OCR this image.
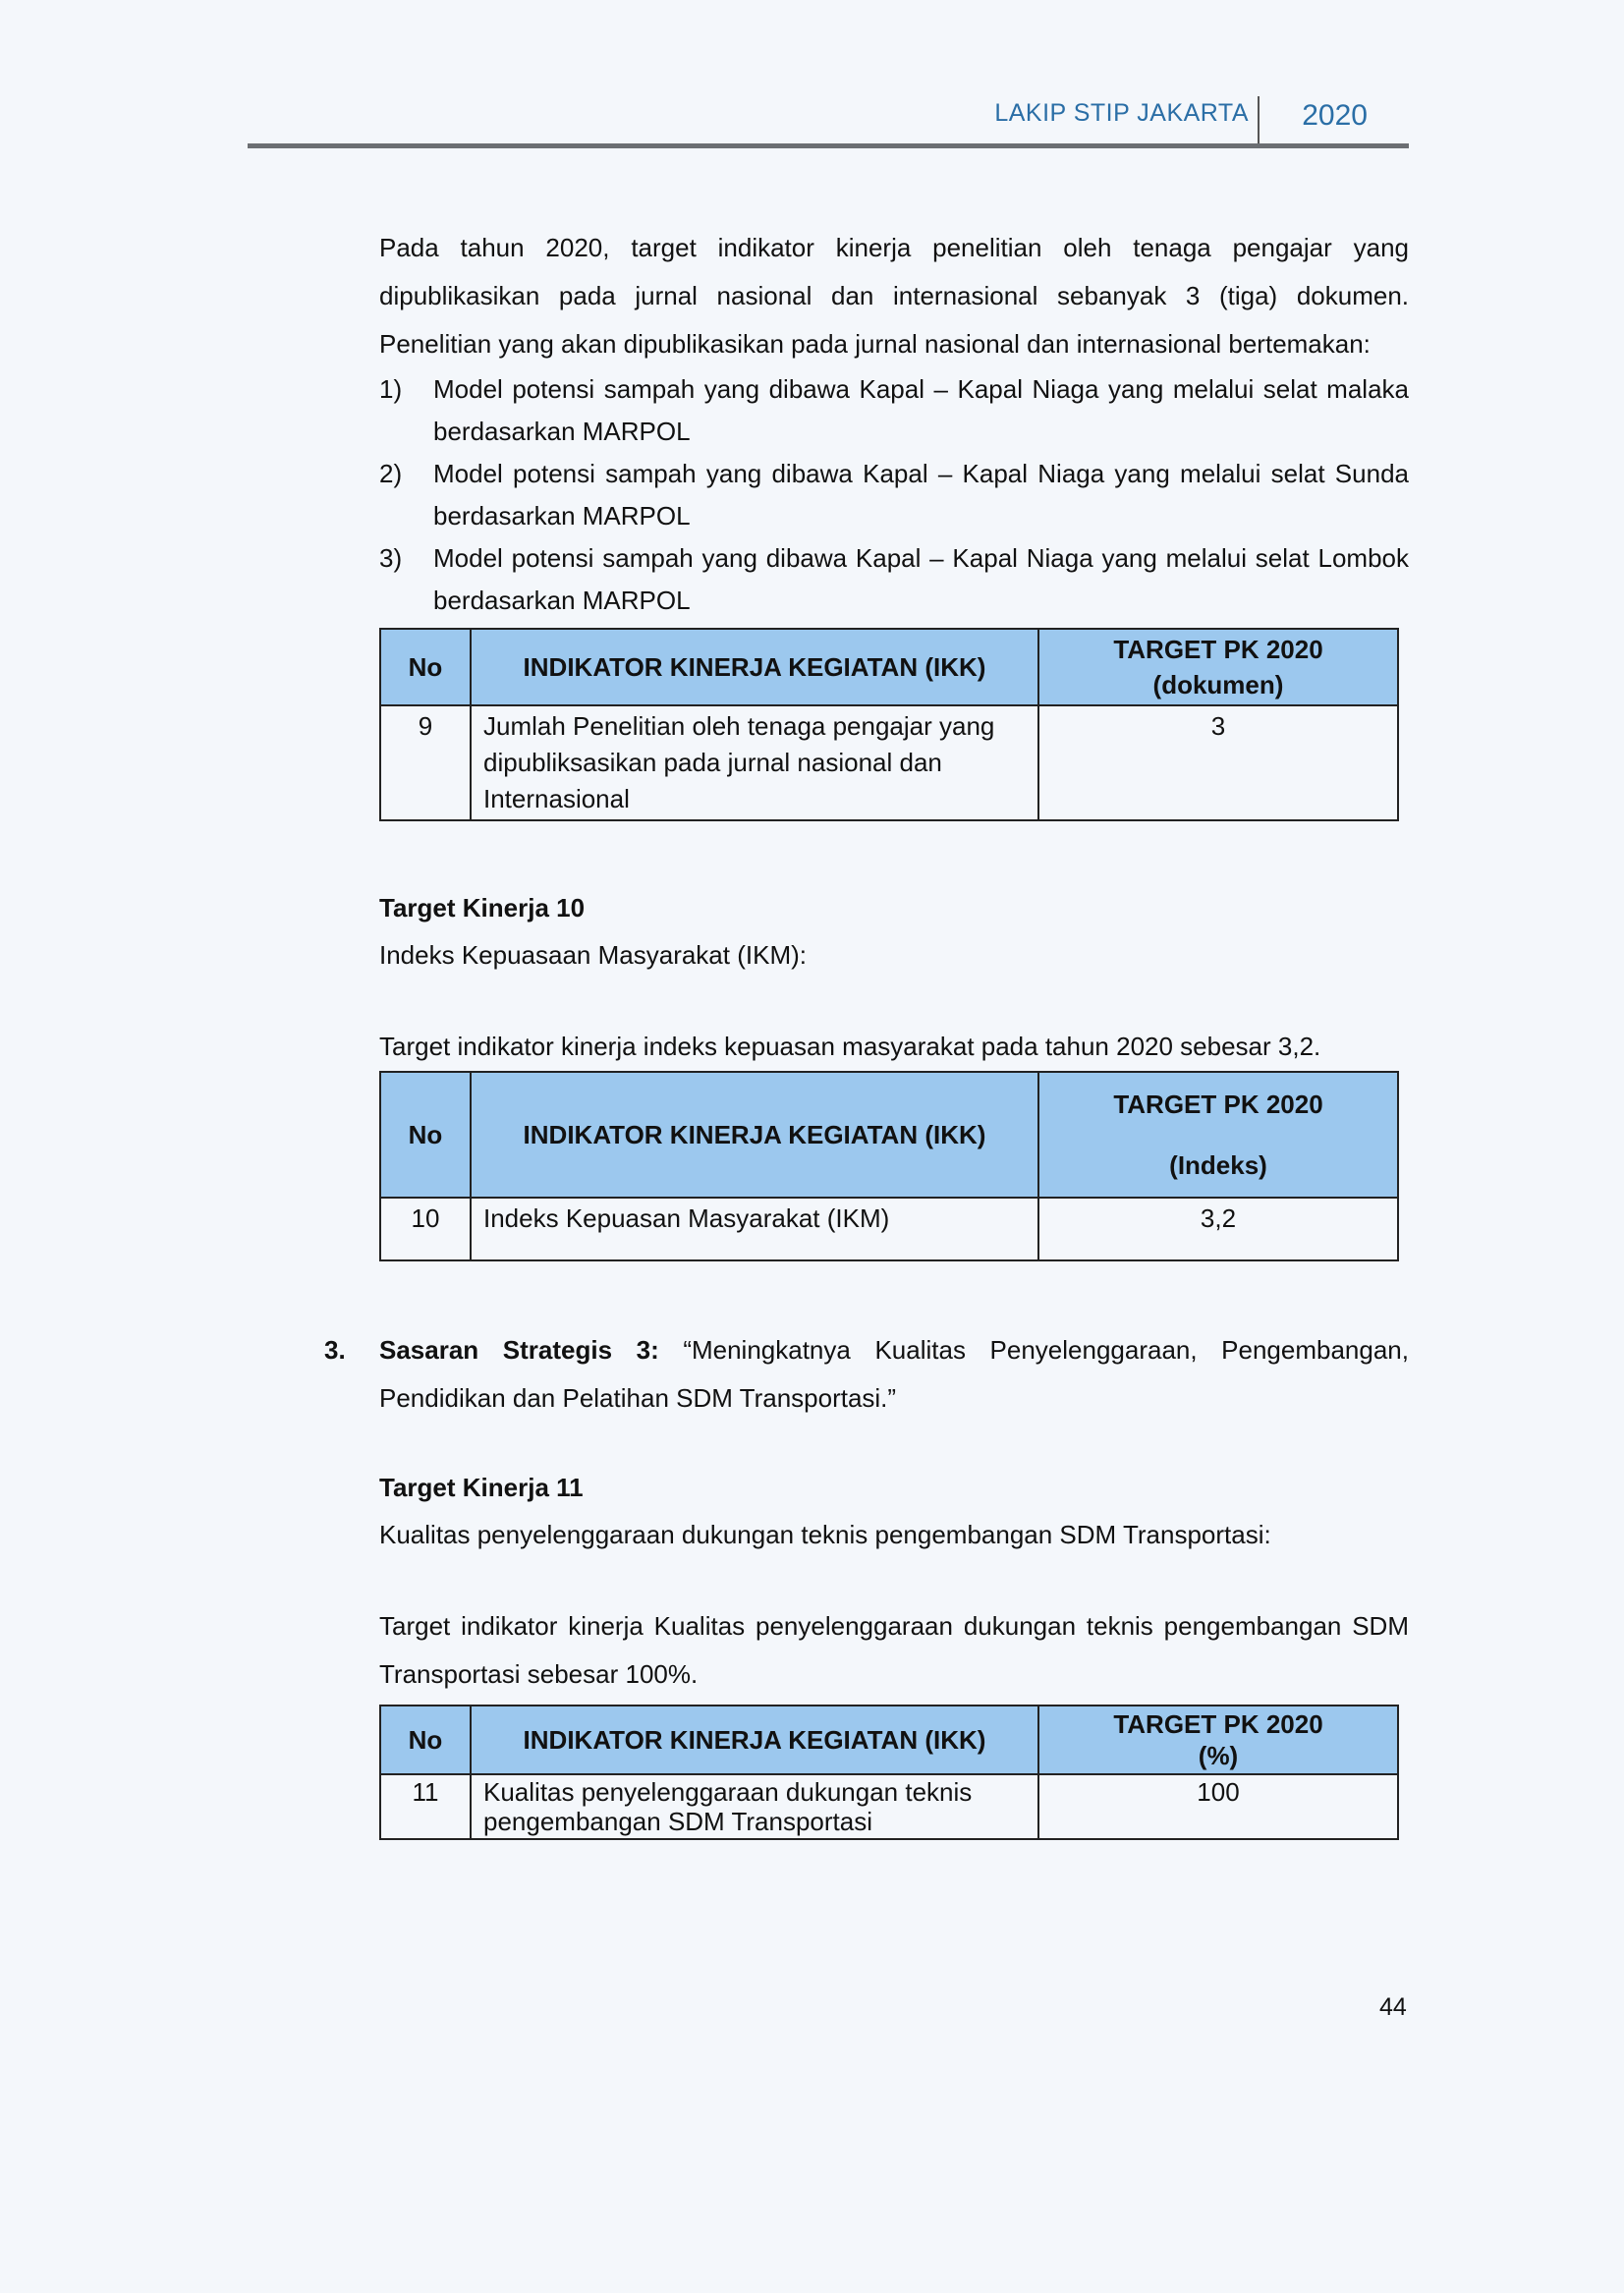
LAKIP STIP JAKARTA 2020

Pada tahun 2020, target indikator kinerja penelitian oleh tenaga pengajar yang dipublikasikan pada jurnal nasional dan internasional sebanyak 3 (tiga) dokumen. Penelitian yang akan dipublikasikan pada jurnal nasional dan internasional bertemakan:

1) Model potensi sampah yang dibawa Kapal – Kapal Niaga yang melalui selat malaka berdasarkan MARPOL
2) Model potensi sampah yang dibawa Kapal – Kapal Niaga yang melalui selat Sunda berdasarkan MARPOL
3) Model potensi sampah yang dibawa Kapal – Kapal Niaga yang melalui selat Lombok berdasarkan MARPOL
No	INDIKATOR KINERJA KEGIATAN (IKK)	TARGET PK 2020
(dokumen)

9	Jumlah Penelitian oleh tenaga pengajar yang dipubliksasikan pada jurnal nasional dan Internasional	3

Target Kinerja 10

Indeks Kepuasaan Masyarakat (IKM):

Target indikator kinerja indeks kepuasan masyarakat pada tahun 2020 sebesar 3,2.

No	INDIKATOR KINERJA KEGIATAN (IKK)	TARGET PK 2020
(Indeks)

10	Indeks Kepuasan Masyarakat (IKM)	3,2
3. Sasaran Strategis 3: “Meningkatnya Kualitas Penyelenggaraan, Pengembangan, Pendidikan dan Pelatihan SDM Transportasi.”

Target Kinerja 11

Kualitas penyelenggaraan dukungan teknis pengembangan SDM Transportasi:

Target indikator kinerja Kualitas penyelenggaraan dukungan teknis pengembangan SDM Transportasi sebesar 100%.

No	INDIKATOR KINERJA KEGIATAN (IKK)	TARGET PK 2020
(%)

11	Kualitas penyelenggaraan dukungan teknis pengembangan SDM Transportasi	100
44
